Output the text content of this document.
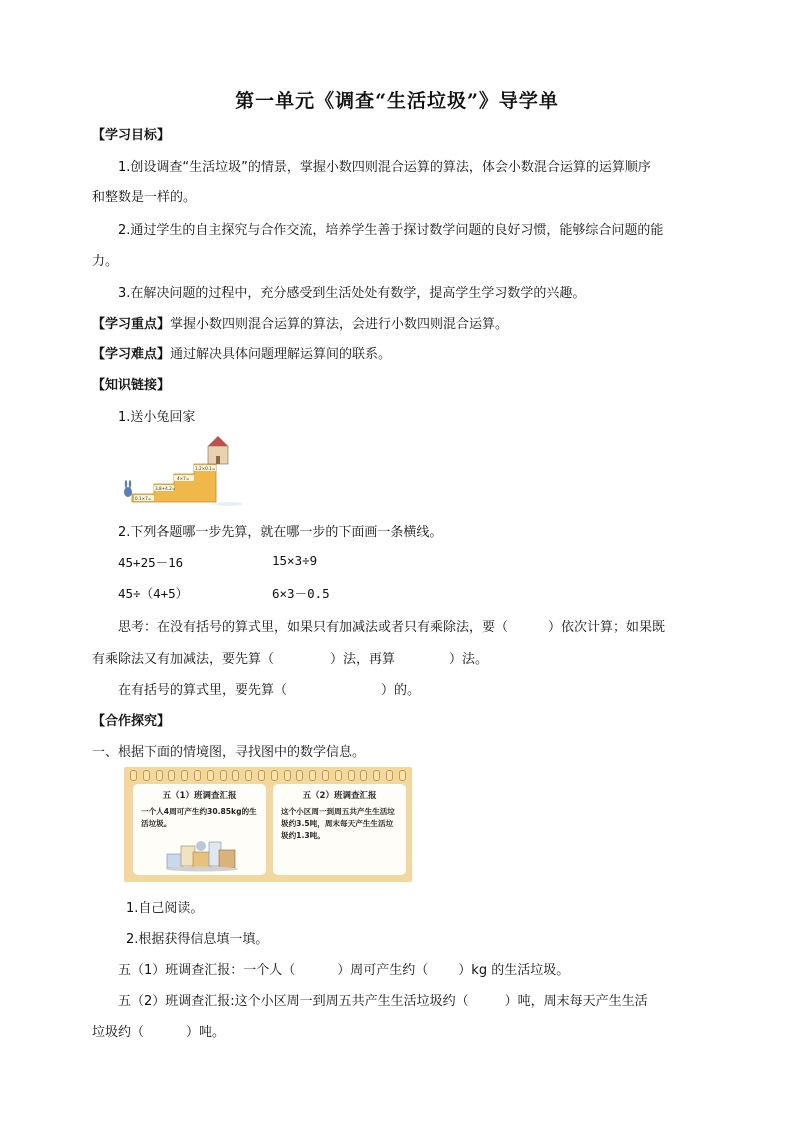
第一单元《调查“生活垃圾”》导学单
【学习目标】
1.创设调查“生活垃圾”的情景，掌握小数四则混合运算的算法，体会小数混合运算的运算顺序
和整数是一样的。
2.通过学生的自主探究与合作交流，培养学生善于探讨数学问题的良好习惯，能够综合问题的能
力。
3.在解决问题的过程中，充分感受到生活处处有数学，提高学生学习数学的兴趣。
【学习重点】掌握小数四则混合运算的算法，会进行小数四则混合运算。
【学习难点】通过解决具体问题理解运算间的联系。
【知识链接】
1.送小兔回家
0.1×7=
3.8+4.2=
4×7=
1.2×0.1=
2.下列各题哪一步先算，就在哪一步的下面画一条横线。
45+25－16	15×3÷9
45÷（4+5）	6×3－0.5
思考：在没有括号的算式里，如果只有加减法或者只有乘除法，要（	）依次计算；如果既
有乘除法又有加减法，要先算（	）法，再算	）法。
在有括号的算式里，要先算（	）的。
【合作探究】
一、根据下面的情境图，寻找图中的数学信息。
五（1）班调查汇报

一个人4周可产生约30.85kg的生活垃圾。

五（2）班调查汇报

这个小区周一到周五共产生生活垃圾约3.5吨，周末每天产生生活垃圾约1.3吨。

1.自己阅读。
2.根据获得信息填一填。
五（1）班调查汇报：一个人（	）周可产生约（ ）kg 的生活垃圾。
五（2）班调查汇报:这个小区周一到周五共产生生活垃圾约（	）吨，周末每天产生生活
垃圾约（	）吨。
